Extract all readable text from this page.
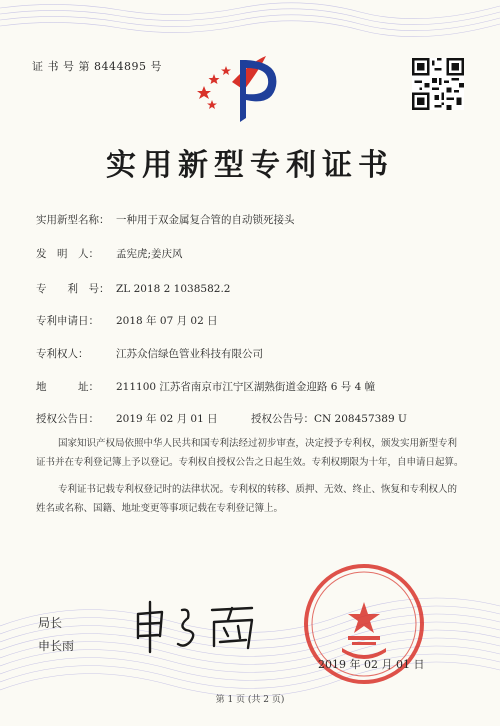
证 书 号 第 8444895 号
实用新型专利证书
实用新型名称： 一种用于双金属复合管的自动锁死接头
发　明　人： 孟宪虎;姜庆风
专　　利　号： ZL 2018 2 1038582.2
专利申请日： 2018 年 07 月 02 日
专利权人：	江苏众信绿色管业科技有限公司
地　　　址： 211100 江苏省南京市江宁区湖熟街道金迎路 6 号 4 幢
授权公告日： 2019 年 02 月 01 日	授权公告号：CN 208457389 U
国家知识产权局依照中华人民共和国专利法经过初步审查，决定授予专利权，颁发实用新型专利证书并在专利登记簿上予以登记。专利权自授权公告之日起生效。专利权期限为十年，自申请日起算。
专利证书记载专利权登记时的法律状况。专利权的转移、质押、无效、终止、恢复和专利权人的姓名或名称、国籍、地址变更等事项记载在专利登记簿上。
局长
申长雨
2019 年 02 月 01 日
第 1 页 (共 2 页)
